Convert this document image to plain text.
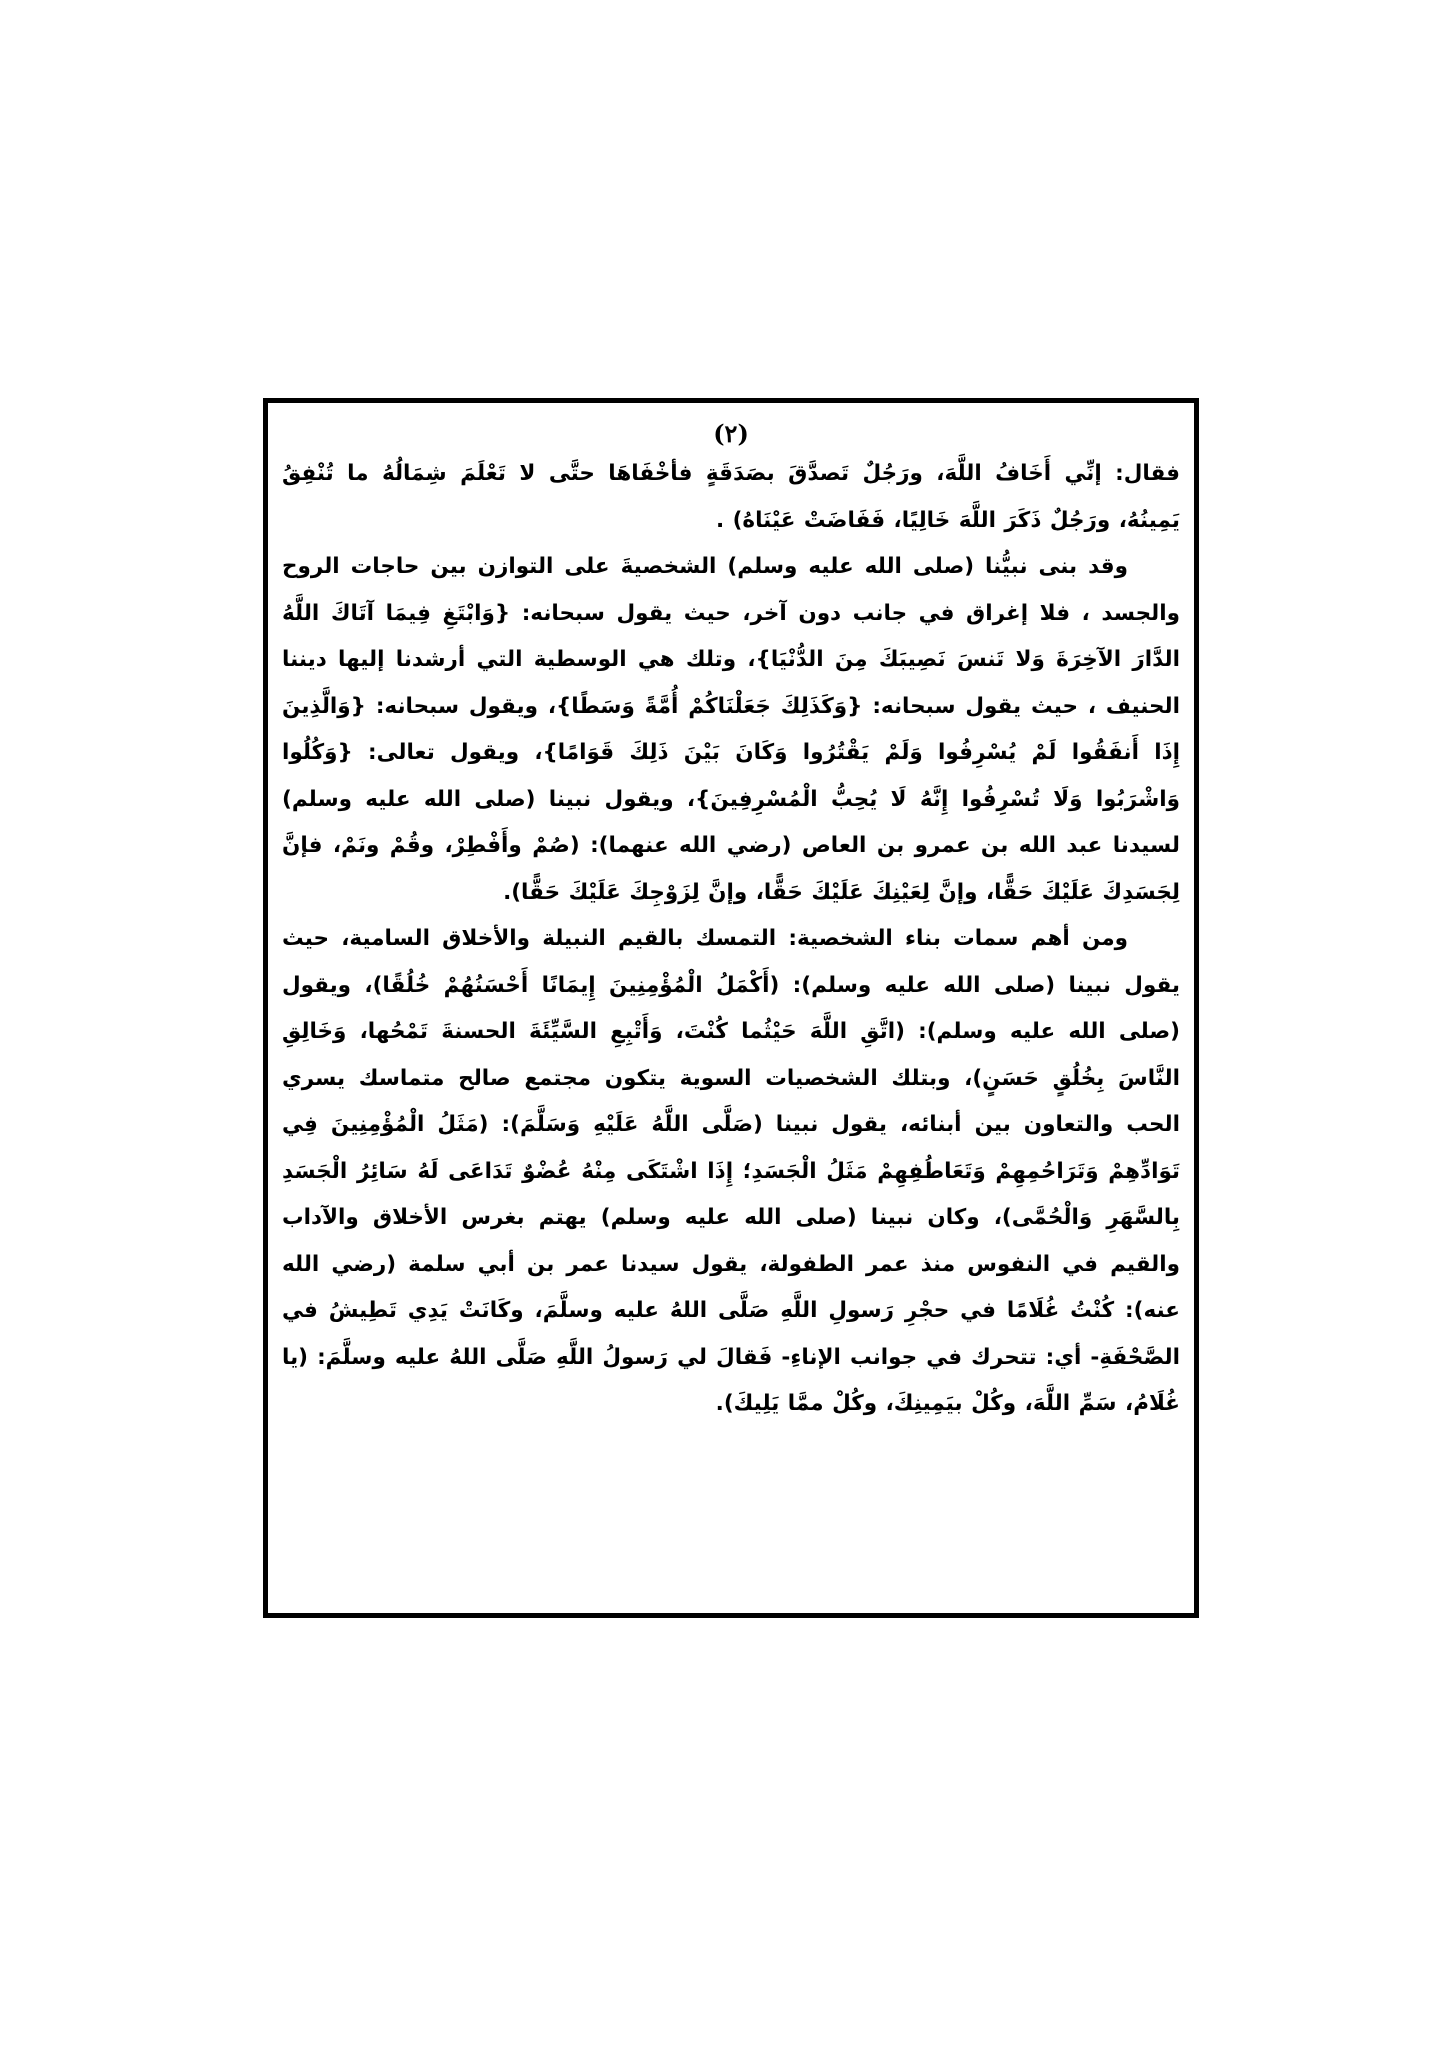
(٢)

فقال: إنِّي أَخَافُ اللَّهَ، ورَجُلٌ تَصدَّقَ بصَدَقَةٍ فأخْفَاهَا حتَّى لا تَعْلَمَ شِمَالُهُ ما تُنْفِقُ يَمِينُهُ، ورَجُلٌ ذَكَرَ اللَّهَ خَالِيًا، فَفَاضَتْ عَيْنَاهُ) .

وقد بنى نبيُّنا (صلى الله عليه وسلم) الشخصيةَ على التوازن بين حاجات الروح والجسد ، فلا إغراق في جانب دون آخر، حيث يقول سبحانه: {وَابْتَغِ فِيمَا آتَاكَ اللَّهُ الدَّارَ الآخِرَةَ وَلا تَنسَ نَصِيبَكَ مِنَ الدُّنْيَا}، وتلك هي الوسطية التي أرشدنا إليها ديننا الحنيف ، حيث يقول سبحانه: {وَكَذَلِكَ جَعَلْنَاكُمْ أُمَّةً وَسَطًا}، ويقول سبحانه: {وَالَّذِينَ إِذَا أَنفَقُوا لَمْ يُسْرِفُوا وَلَمْ يَقْتُرُوا وَكَانَ بَيْنَ ذَلِكَ قَوَامًا}، ويقول تعالى: {وَكُلُوا وَاشْرَبُوا وَلَا تُسْرِفُوا إِنَّهُ لَا يُحِبُّ الْمُسْرِفِينَ}، ويقول نبينا (صلى الله عليه وسلم) لسيدنا عبد الله بن عمرو بن العاص (رضي الله عنهما): (صُمْ وأَفْطِرْ، وقُمْ ونَمْ، فإنَّ لِجَسَدِكَ عَلَيْكَ حَقًّا، وإنَّ لِعَيْنِكَ عَلَيْكَ حَقًّا، وإنَّ لِزَوْجِكَ عَلَيْكَ حَقًّا).

ومن أهم سمات بناء الشخصية: التمسك بالقيم النبيلة والأخلاق السامية، حيث يقول نبينا (صلى الله عليه وسلم): (أَكْمَلُ الْمُؤْمِنِينَ إِيمَانًا أَحْسَنُهُمْ خُلُقًا)، ويقول (صلى الله عليه وسلم): (اتَّقِ اللَّهَ حَيْثُما كُنْتَ، وَأَتْبِعِ السَّيِّئَةَ الحسنةَ تَمْحُها، وَخَالِقِ النَّاسَ بِخُلُقٍ حَسَنٍ)، وبتلك الشخصيات السوية يتكون مجتمع صالح متماسك يسري الحب والتعاون بين أبنائه، يقول نبينا (صَلَّى اللَّهُ عَلَيْهِ وَسَلَّمَ): (مَثَلُ الْمُؤْمِنِينَ فِي تَوَادِّهِمْ وَتَرَاحُمِهِمْ وَتَعَاطُفِهِمْ مَثَلُ الْجَسَدِ؛ إِذَا اشْتَكَى مِنْهُ عُضْوٌ تَدَاعَى لَهُ سَائِرُ الْجَسَدِ بِالسَّهَرِ وَالْحُمَّى)، وكان نبينا (صلى الله عليه وسلم) يهتم بغرس الأخلاق والآداب والقيم في النفوس منذ عمر الطفولة، يقول سيدنا عمر بن أبي سلمة (رضي الله عنه): كُنْتُ غُلَامًا في حجْرِ رَسولِ اللَّهِ صَلَّى اللهُ عليه وسلَّمَ، وكَانَتْ يَدِي تَطِيشُ في الصَّحْفَةِ- أي: تتحرك في جوانب الإناءِ- فَقالَ لي رَسولُ اللَّهِ صَلَّى اللهُ عليه وسلَّمَ: (يا غُلَامُ، سَمِّ اللَّهَ، وكُلْ بيَمِينِكَ، وكُلْ ممَّا يَلِيكَ).
